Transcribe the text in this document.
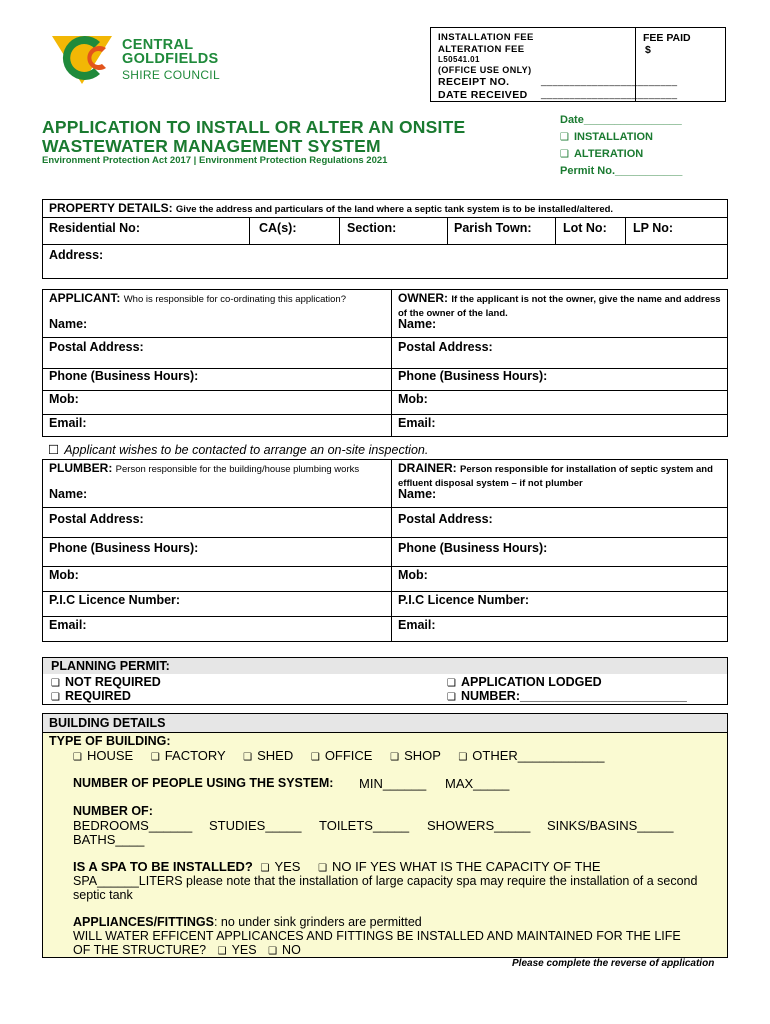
CENTRAL
GOLDFIELDS
SHIRE COUNCIL
INSTALLATION FEE
ALTERATION FEE
L50541.01
(OFFICE USE ONLY)
RECEIPT NO.	________________________
DATE RECEIVED ________________________
FEE PAID
$
APPLICATION TO INSTALL OR ALTER AN ONSITE
WASTEWATER MANAGEMENT SYSTEM
Environment Protection Act 2017 | Environment Protection Regulations 2021
Date________________
❑ INSTALLATION
❑ ALTERATION
Permit No.___________
PROPERTY DETAILS: Give the address and particulars of the land where a septic tank system is to be installed/altered.
Residential No:	CA(s):	Section:	Parish Town:	Lot No: LP No:
Address:
APPLICANT: Who is responsible for co-ordinating this application?
Name:
Postal Address:
Phone (Business Hours):
Mob:
Email:
OWNER: If the applicant is not the owner, give the name and address of the owner of the land.
Name:
Postal Address:
Phone (Business Hours):
Mob:
Email:
☐ Applicant wishes to be contacted to arrange an on-site inspection.
PLUMBER: Person responsible for the building/house plumbing works
Name:
Postal Address:
Phone (Business Hours):
Mob:
P.I.C Licence Number:
Email:
DRAINER: Person responsible for installation of septic system and effluent disposal system – if not plumber
Name:
Postal Address:
Phone (Business Hours):
Mob:
P.I.C Licence Number:
Email:
PLANNING PERMIT:
❑ NOT REQUIRED
❑ REQUIRED
❑ APPLICATION LODGED
❑ NUMBER:________________________
BUILDING DETAILS
TYPE OF BUILDING:
❑ HOUSE ❑ FACTORY ❑ SHED ❑ OFFICE ❑ SHOP ❑ OTHER____________
NUMBER OF PEOPLE USING THE SYSTEM: MIN______ MAX_____
NUMBER OF:
BEDROOMS______ STUDIES_____ TOILETS_____ SHOWERS_____ SINKS/BASINS_____
BATHS____
IS A SPA TO BE INSTALLED? ❑ YES ❑ NO IF YES WHAT IS THE CAPACITY OF THE
SPA______LITERS please note that the installation of large capacity spa may require the installation of a second
septic tank
APPLIANCES/FITTINGS: no under sink grinders are permitted
WILL WATER EFFICENT APPLICANCES AND FITTINGS BE INSTALLED AND MAINTAINED FOR THE LIFE
OF THE STRUCTURE? ❑ YES ❑ NO
Please complete the reverse of application
